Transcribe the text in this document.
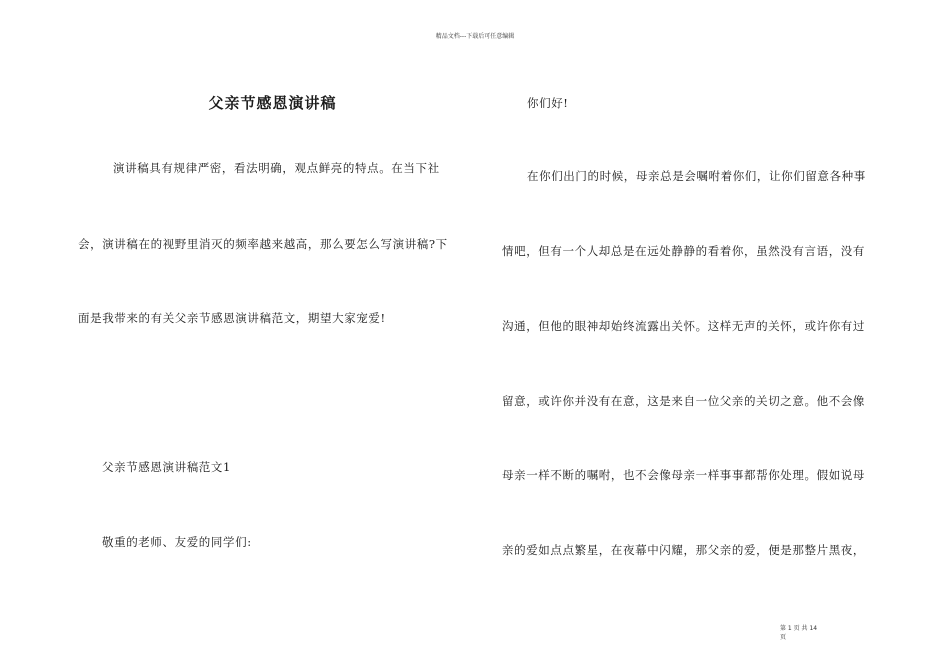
精品文档---下载后可任意编辑
父亲节感恩演讲稿
演讲稿具有规律严密，看法明确，观点鲜亮的特点。在当下社
会，演讲稿在的视野里消灭的频率越来越高，那么要怎么写演讲稿?下
面是我带来的有关父亲节感恩演讲稿范文，期望大家宠爱!
父亲节感恩演讲稿范文1
敬重的老师、友爱的同学们:
你们好!
在你们出门的时候，母亲总是会嘱咐着你们，让你们留意各种事
情吧，但有一个人却总是在远处静静的看着你，虽然没有言语，没有
沟通，但他的眼神却始终流露出关怀。这样无声的关怀，或许你有过
留意，或许你并没有在意，这是来自一位父亲的关切之意。他不会像
母亲一样不断的嘱咐，也不会像母亲一样事事都帮你处理。假如说母
亲的爱如点点繁星，在夜幕中闪耀，那父亲的爱，便是那整片黑夜，
第 1 页 共 14
页
